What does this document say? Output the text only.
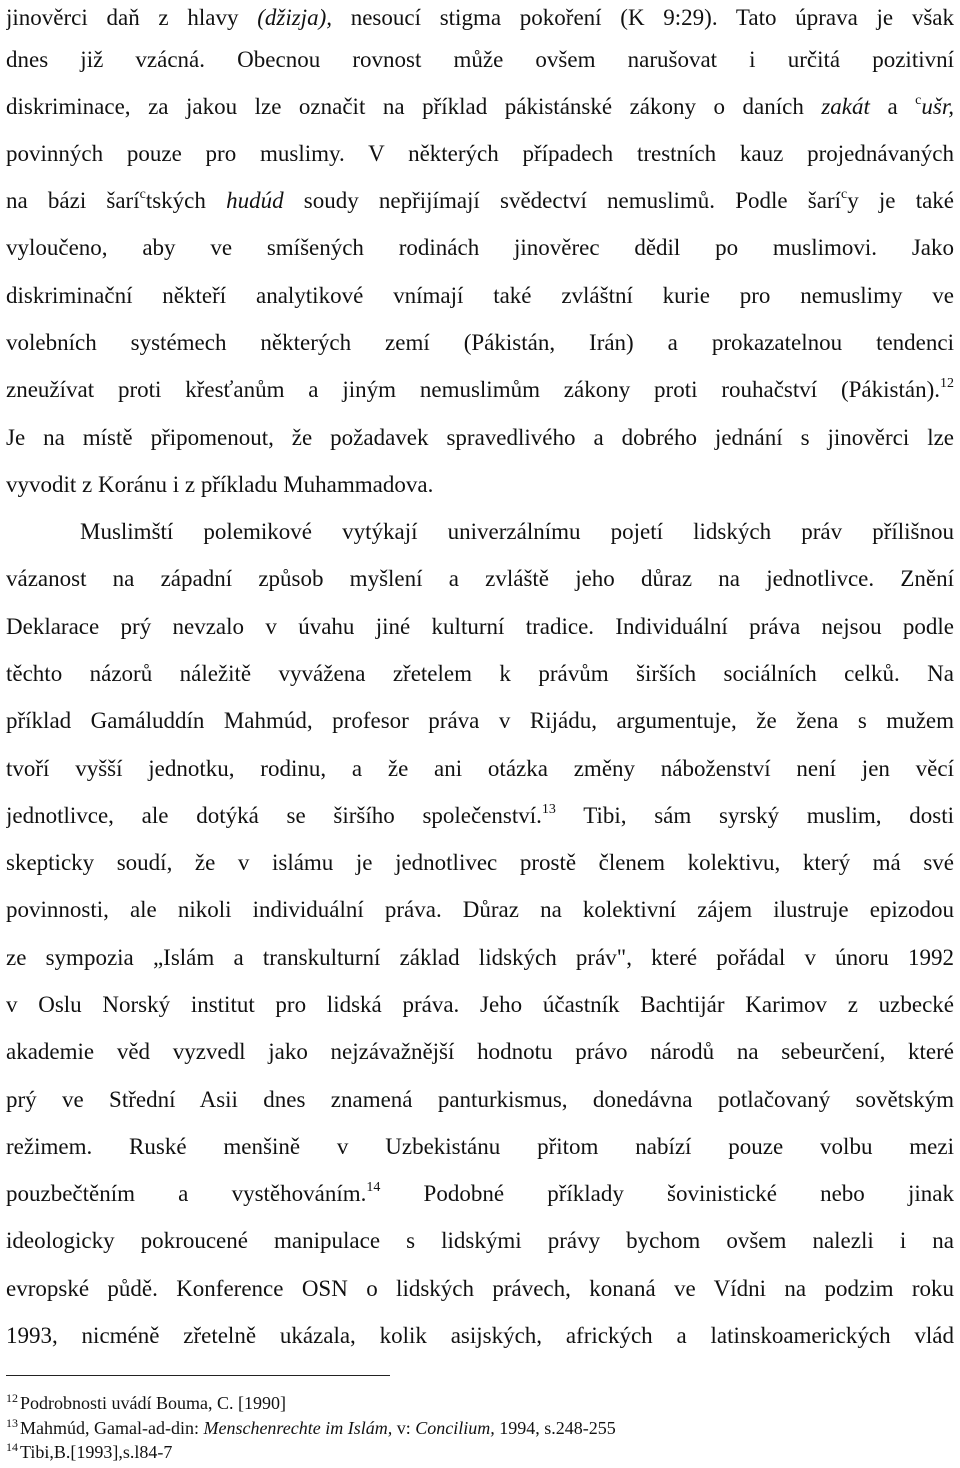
jinověrci daň z hlavy (džizja), nesoucí stigma pokoření (K 9:29). Tato úprava je však
dnes již vzácná. Obecnou rovnost může ovšem narušovat i určitá pozitivní
diskriminace, za jakou lze označit na příklad pákistánské zákony o daních zakát a $^c$ušr,
povinných pouze pro muslimy. V některých případech trestních kauz projednávaných
na bázi šarí$^c$tských hudúd soudy nepřijímají svědectví nemuslimů. Podle šarí$^c$y je také
vyloučeno, aby ve smíšených rodinách jinověrec dědil po muslimovi. Jako
diskriminační někteří analytikové vnímají také zvláštní kurie pro nemuslimy ve
volebních systémech některých zemí (Pákistán, Irán) a prokazatelnou tendenci
zneužívat proti křesťanům a jiným nemuslimům zákony proti rouhačství (Pákistán).$^{12}$
Je na místě připomenout, že požadavek spravedlivého a dobrého jednání s jinověrci lze
vyvodit z Koránu i z příkladu Muhammadova.
Muslimští polemikové vytýkají univerzálnímu pojetí lidských práv přílišnou
vázanost na západní způsob myšlení a zvláště jeho důraz na jednotlivce. Znění
Deklarace prý nevzalo v úvahu jiné kulturní tradice. Individuální práva nejsou podle
těchto názorů náležitě vyvážena zřetelem k právům širších sociálních celků. Na
příklad Gamáluddín Mahmúd, profesor práva v Rijádu, argumentuje, že žena s mužem
tvoří vyšší jednotku, rodinu, a že ani otázka změny náboženství není jen věcí
jednotlivce, ale dotýká se širšího společenství.$^{13}$ Tibi, sám syrský muslim, dosti
skepticky soudí, že v islámu je jednotlivec prostě členem kolektivu, který má své
povinnosti, ale nikoli individuální práva. Důraz na kolektivní zájem ilustruje epizodou
ze sympozia „Islám a transkulturní základ lidských práv", které pořádal v únoru 1992
v Oslu Norský institut pro lidská práva. Jeho účastník Bachtijár Karimov z uzbecké
akademie věd vyzvedl jako nejzávažnější hodnotu právo národů na sebeurčení, které
prý ve Střední Asii dnes znamená panturkismus, donedávna potlačovaný sovětským
režimem. Ruské menšině v Uzbekistánu přitom nabízí pouze volbu mezi
pouzbečtěním a vystěhováním.$^{14}$ Podobné příklady šovinistické nebo jinak
ideologicky pokroucené manipulace s lidskými právy bychom ovšem nalezli i na
evropské půdě. Konference OSN o lidských právech, konaná ve Vídni na podzim roku
1993, nicméně zřetelně ukázala, kolik asijských, afrických a latinskoamerických vlád
$^{12}$ Podrobnosti uvádí Bouma, C. [1990]
$^{13}$ Mahmúd, Gamal-ad-din: Menschenrechte im Islám, v: Concilium, 1994, s.248-255
$^{14}$ Tibi,B.[1993],s.l84-7
